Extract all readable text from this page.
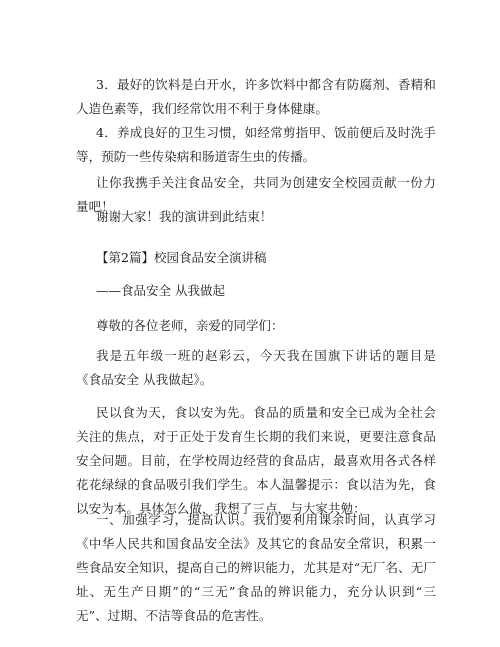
3．最好的饮料是白开水，许多饮料中都含有防腐剂、香精和人造色素等，我们经常饮用不利于身体健康。

4．养成良好的卫生习惯，如经常剪指甲、饭前便后及时洗手等，预防一些传染病和肠道寄生虫的传播。

让你我携手关注食品安全，共同为创建安全校园贡献一份力量吧！

谢谢大家！我的演讲到此结束！

【第2篇】校园食品安全演讲稿

——食品安全 从我做起

尊敬的各位老师，亲爱的同学们：

我是五年级一班的赵彩云，今天我在国旗下讲话的题目是《食品安全 从我做起》。

民以食为天，食以安为先。食品的质量和安全已成为全社会关注的焦点，对于正处于发育生长期的我们来说，更要注意食品安全问题。目前，在学校周边经营的食品店，最喜欢用各式各样花花绿绿的食品吸引我们学生。本人温馨提示：食以洁为先，食以安为本。具体怎么做，我想了三点，与大家共勉：

一、加强学习，提高认识。我们要利用课余时间，认真学习《中华人民共和国食品安全法》及其它的食品安全常识，积累一些食品安全知识，提高自己的辨识能力，尤其是对“无厂名、无厂址、无生产日期”的“三无”食品的辨识能力，充分认识到“三无”、过期、不洁等食品的危害性。
